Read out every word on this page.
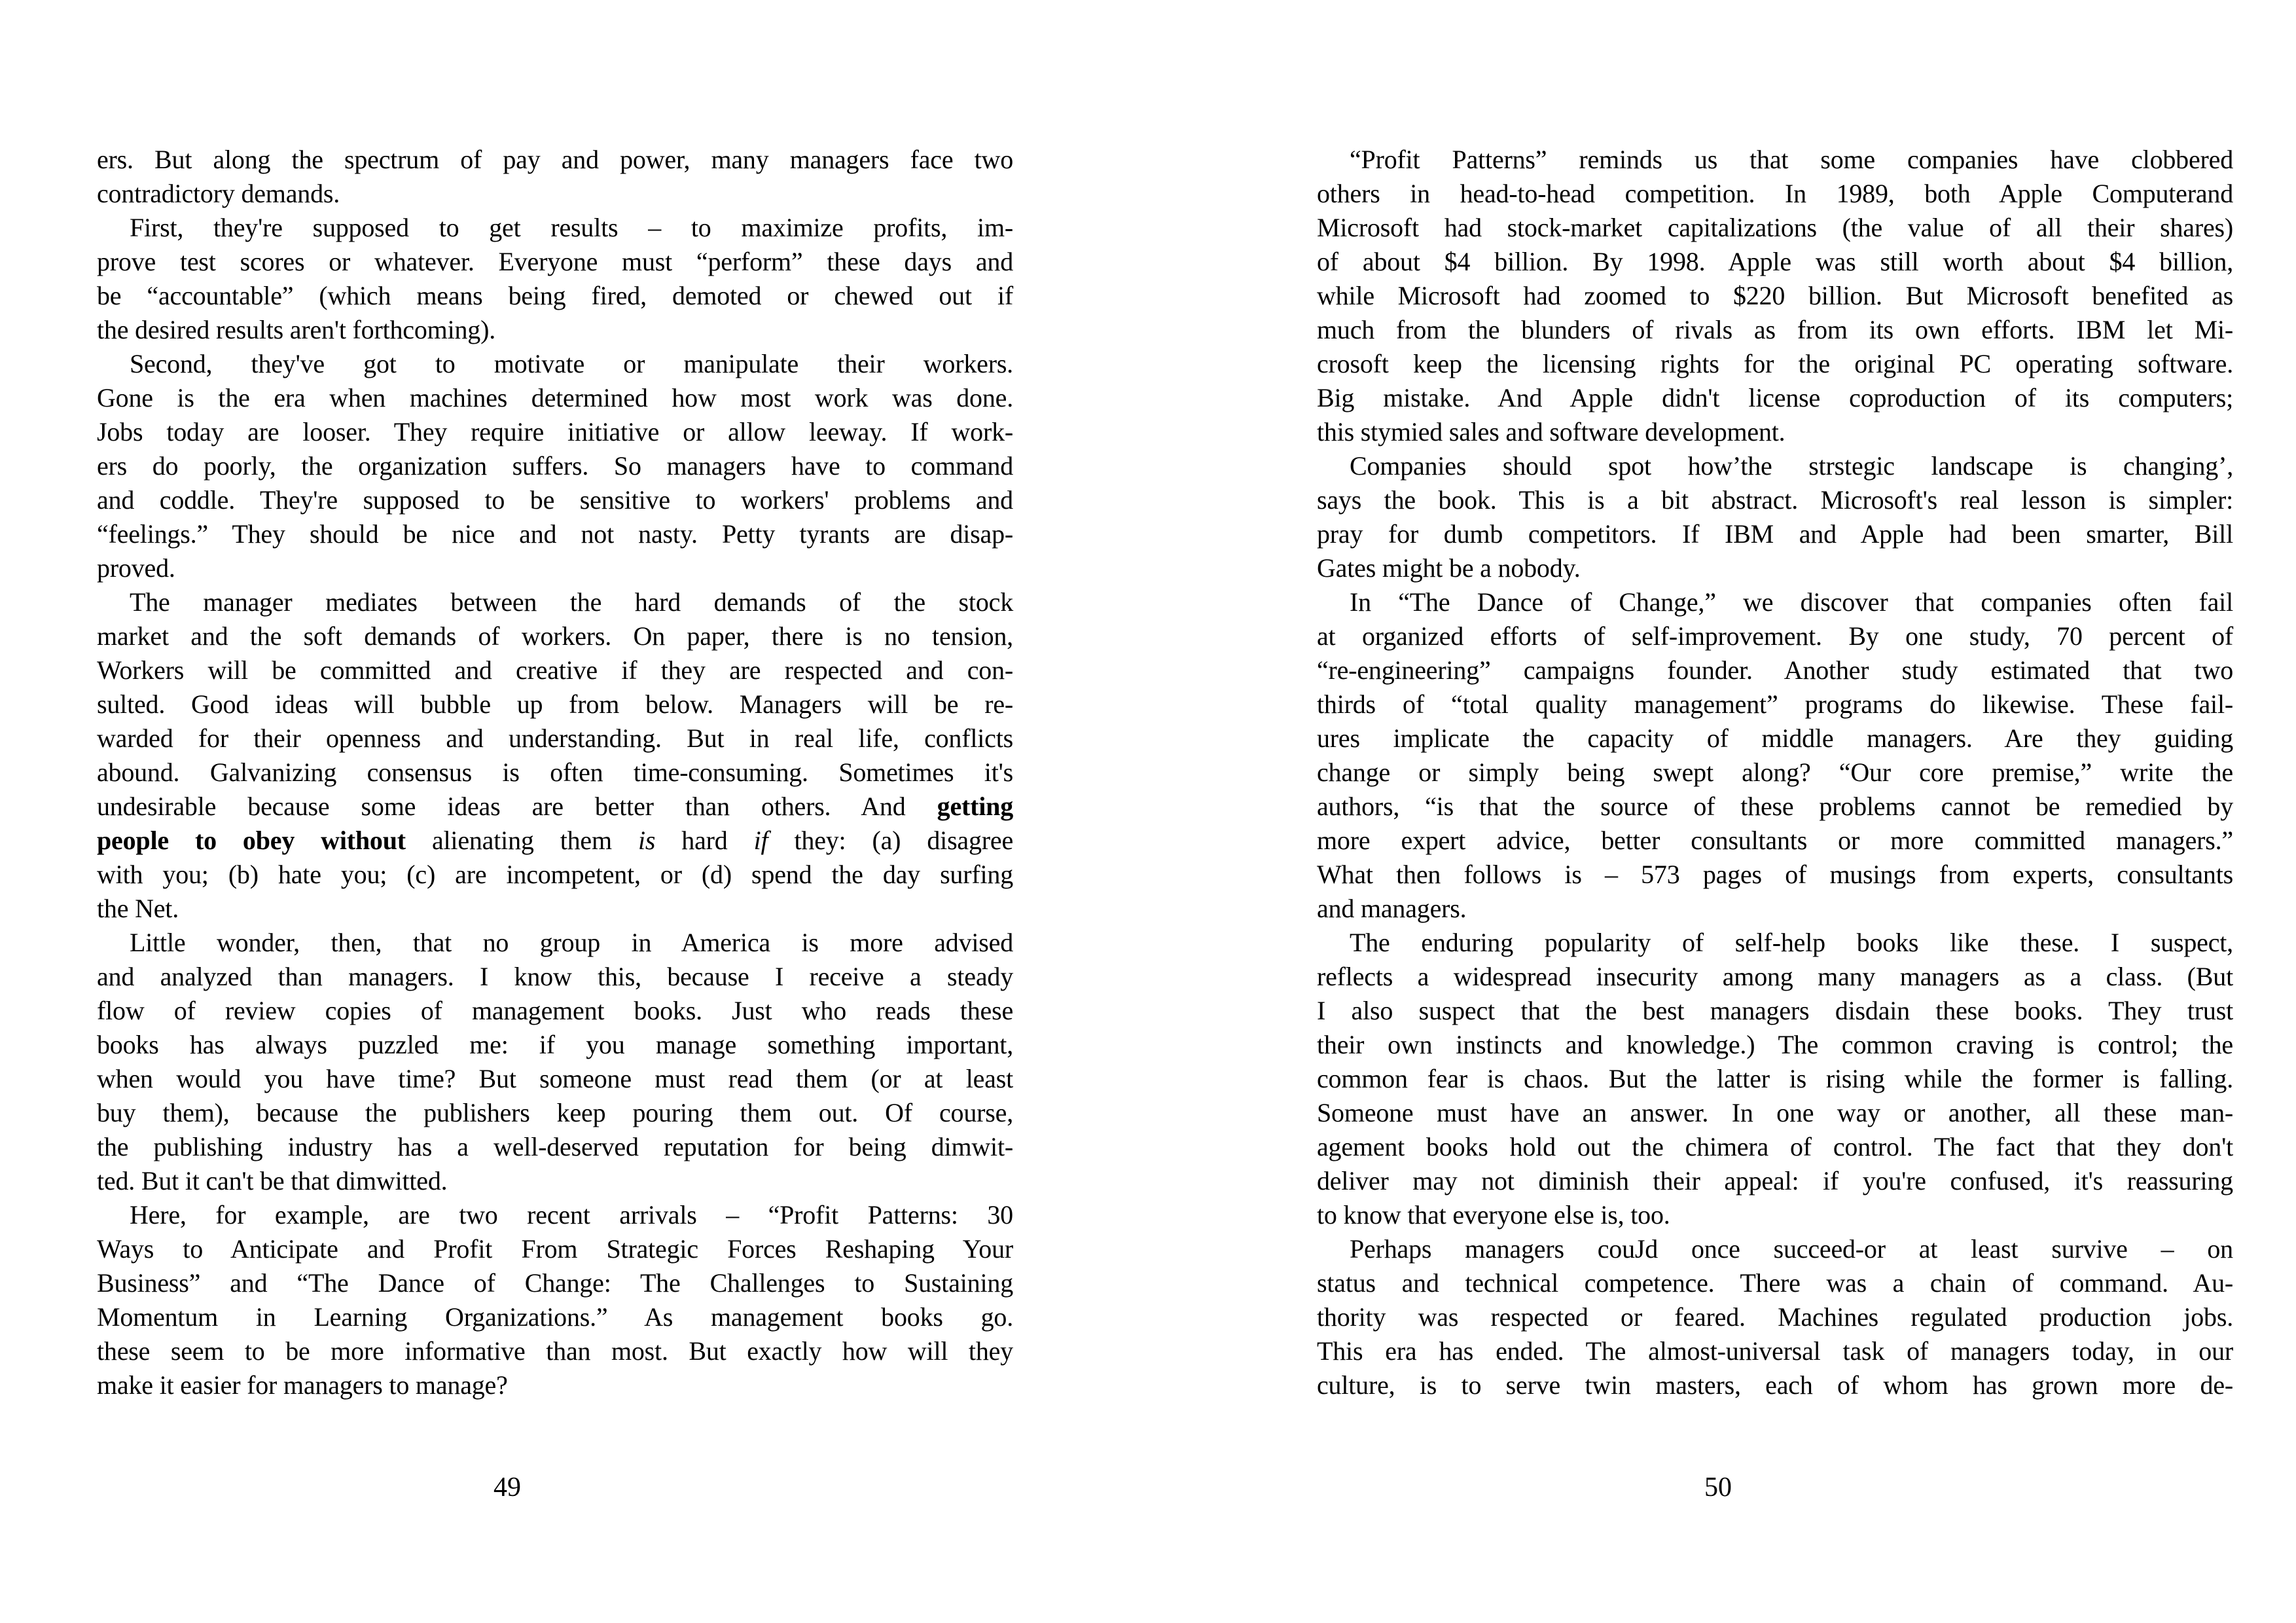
ers. But along the spectrum of pay and power, many managers face two
contradictory demands.
First, they're supposed to get results – to maximize profits, im-
prove test scores or whatever. Everyone must “perform” these days and
be “accountable” (which means being fired, demoted or chewed out if
the desired results aren't forthcoming).
Second, they've got to motivate or manipulate their workers.
Gone is the era when machines determined how most work was done.
Jobs today are looser. They require initiative or allow leeway. If work-
ers do poorly, the organization suffers. So managers have to command
and coddle. They're supposed to be sensitive to workers' problems and
“feelings.” They should be nice and not nasty. Petty tyrants are disap-
proved.
The manager mediates between the hard demands of the stock
market and the soft demands of workers. On paper, there is no tension,
Workers will be committed and creative if they are respected and con-
sulted. Good ideas will bubble up from below. Managers will be re-
warded for their openness and understanding. But in real life, conflicts
abound. Galvanizing consensus is often time-consuming. Sometimes it's
undesirable because some ideas are better than others. And getting
people to obey without alienating them is hard if they: (a) disagree
with you; (b) hate you; (c) are incompetent, or (d) spend the day surfing
the Net.
Little wonder, then, that no group in America is more advised
and analyzed than managers. I know this, because I receive a steady
flow of review copies of management books. Just who reads these
books has always puzzled me: if you manage something important,
when would you have time? But someone must read them (or at least
buy them), because the publishers keep pouring them out. Of course,
the publishing industry has a well-deserved reputation for being dimwit-
ted. But it can't be that dimwitted.
Here, for example, are two recent arrivals – “Profit Patterns: 30
Ways to Anticipate and Profit From Strategic Forces Reshaping Your
Business” and “The Dance of Change: The Challenges to Sustaining
Momentum in Learning Organizations.” As management books go.
these seem to be more informative than most. But exactly how will they
make it easier for managers to manage?
“Profit Patterns” reminds us that some companies have clobbered
others in head-to-head competition. In 1989, both Apple Computerand
Microsoft had stock-market capitalizations (the value of all their shares)
of about $4 billion. By 1998. Apple was still worth about $4 billion,
while Microsoft had zoomed to $220 billion. But Microsoft benefited as
much from the blunders of rivals as from its own efforts. IBM let Mi-
crosoft keep the licensing rights for the original PC operating software.
Big mistake. And Apple didn't license coproduction of its computers;
this stymied sales and software development.
Companies should spot how’the strstegic landscape is changing’,
says the book. This is a bit abstract. Microsoft's real lesson is simpler:
pray for dumb competitors. If IBM and Apple had been smarter, Bill
Gates might be a nobody.
In “The Dance of Change,” we discover that companies often fail
at organized efforts of self-improvement. By one study, 70 percent of
“re-engineering” campaigns founder. Another study estimated that two
thirds of “total quality management” programs do likewise. These fail-
ures implicate the capacity of middle managers. Are they guiding
change or simply being swept along? “Our core premise,” write the
authors, “is that the source of these problems cannot be remedied by
more expert advice, better consultants or more committed managers.”
What then follows is – 573 pages of musings from experts, consultants
and managers.
The enduring popularity of self-help books like these. I suspect,
reflects a widespread insecurity among many managers as a class. (But
I also suspect that the best managers disdain these books. They trust
their own instincts and knowledge.) The common craving is control; the
common fear is chaos. But the latter is rising while the former is falling.
Someone must have an answer. In one way or another, all these man-
agement books hold out the chimera of control. The fact that they don't
deliver may not diminish their appeal: if you're confused, it's reassuring
to know that everyone else is, too.
Perhaps managers couJd once succeed-or at least survive – on
status and technical competence. There was a chain of command. Au-
thority was respected or feared. Machines regulated production jobs.
This era has ended. The almost-universal task of managers today, in our
culture, is to serve twin masters, each of whom has grown more de-
49	50
